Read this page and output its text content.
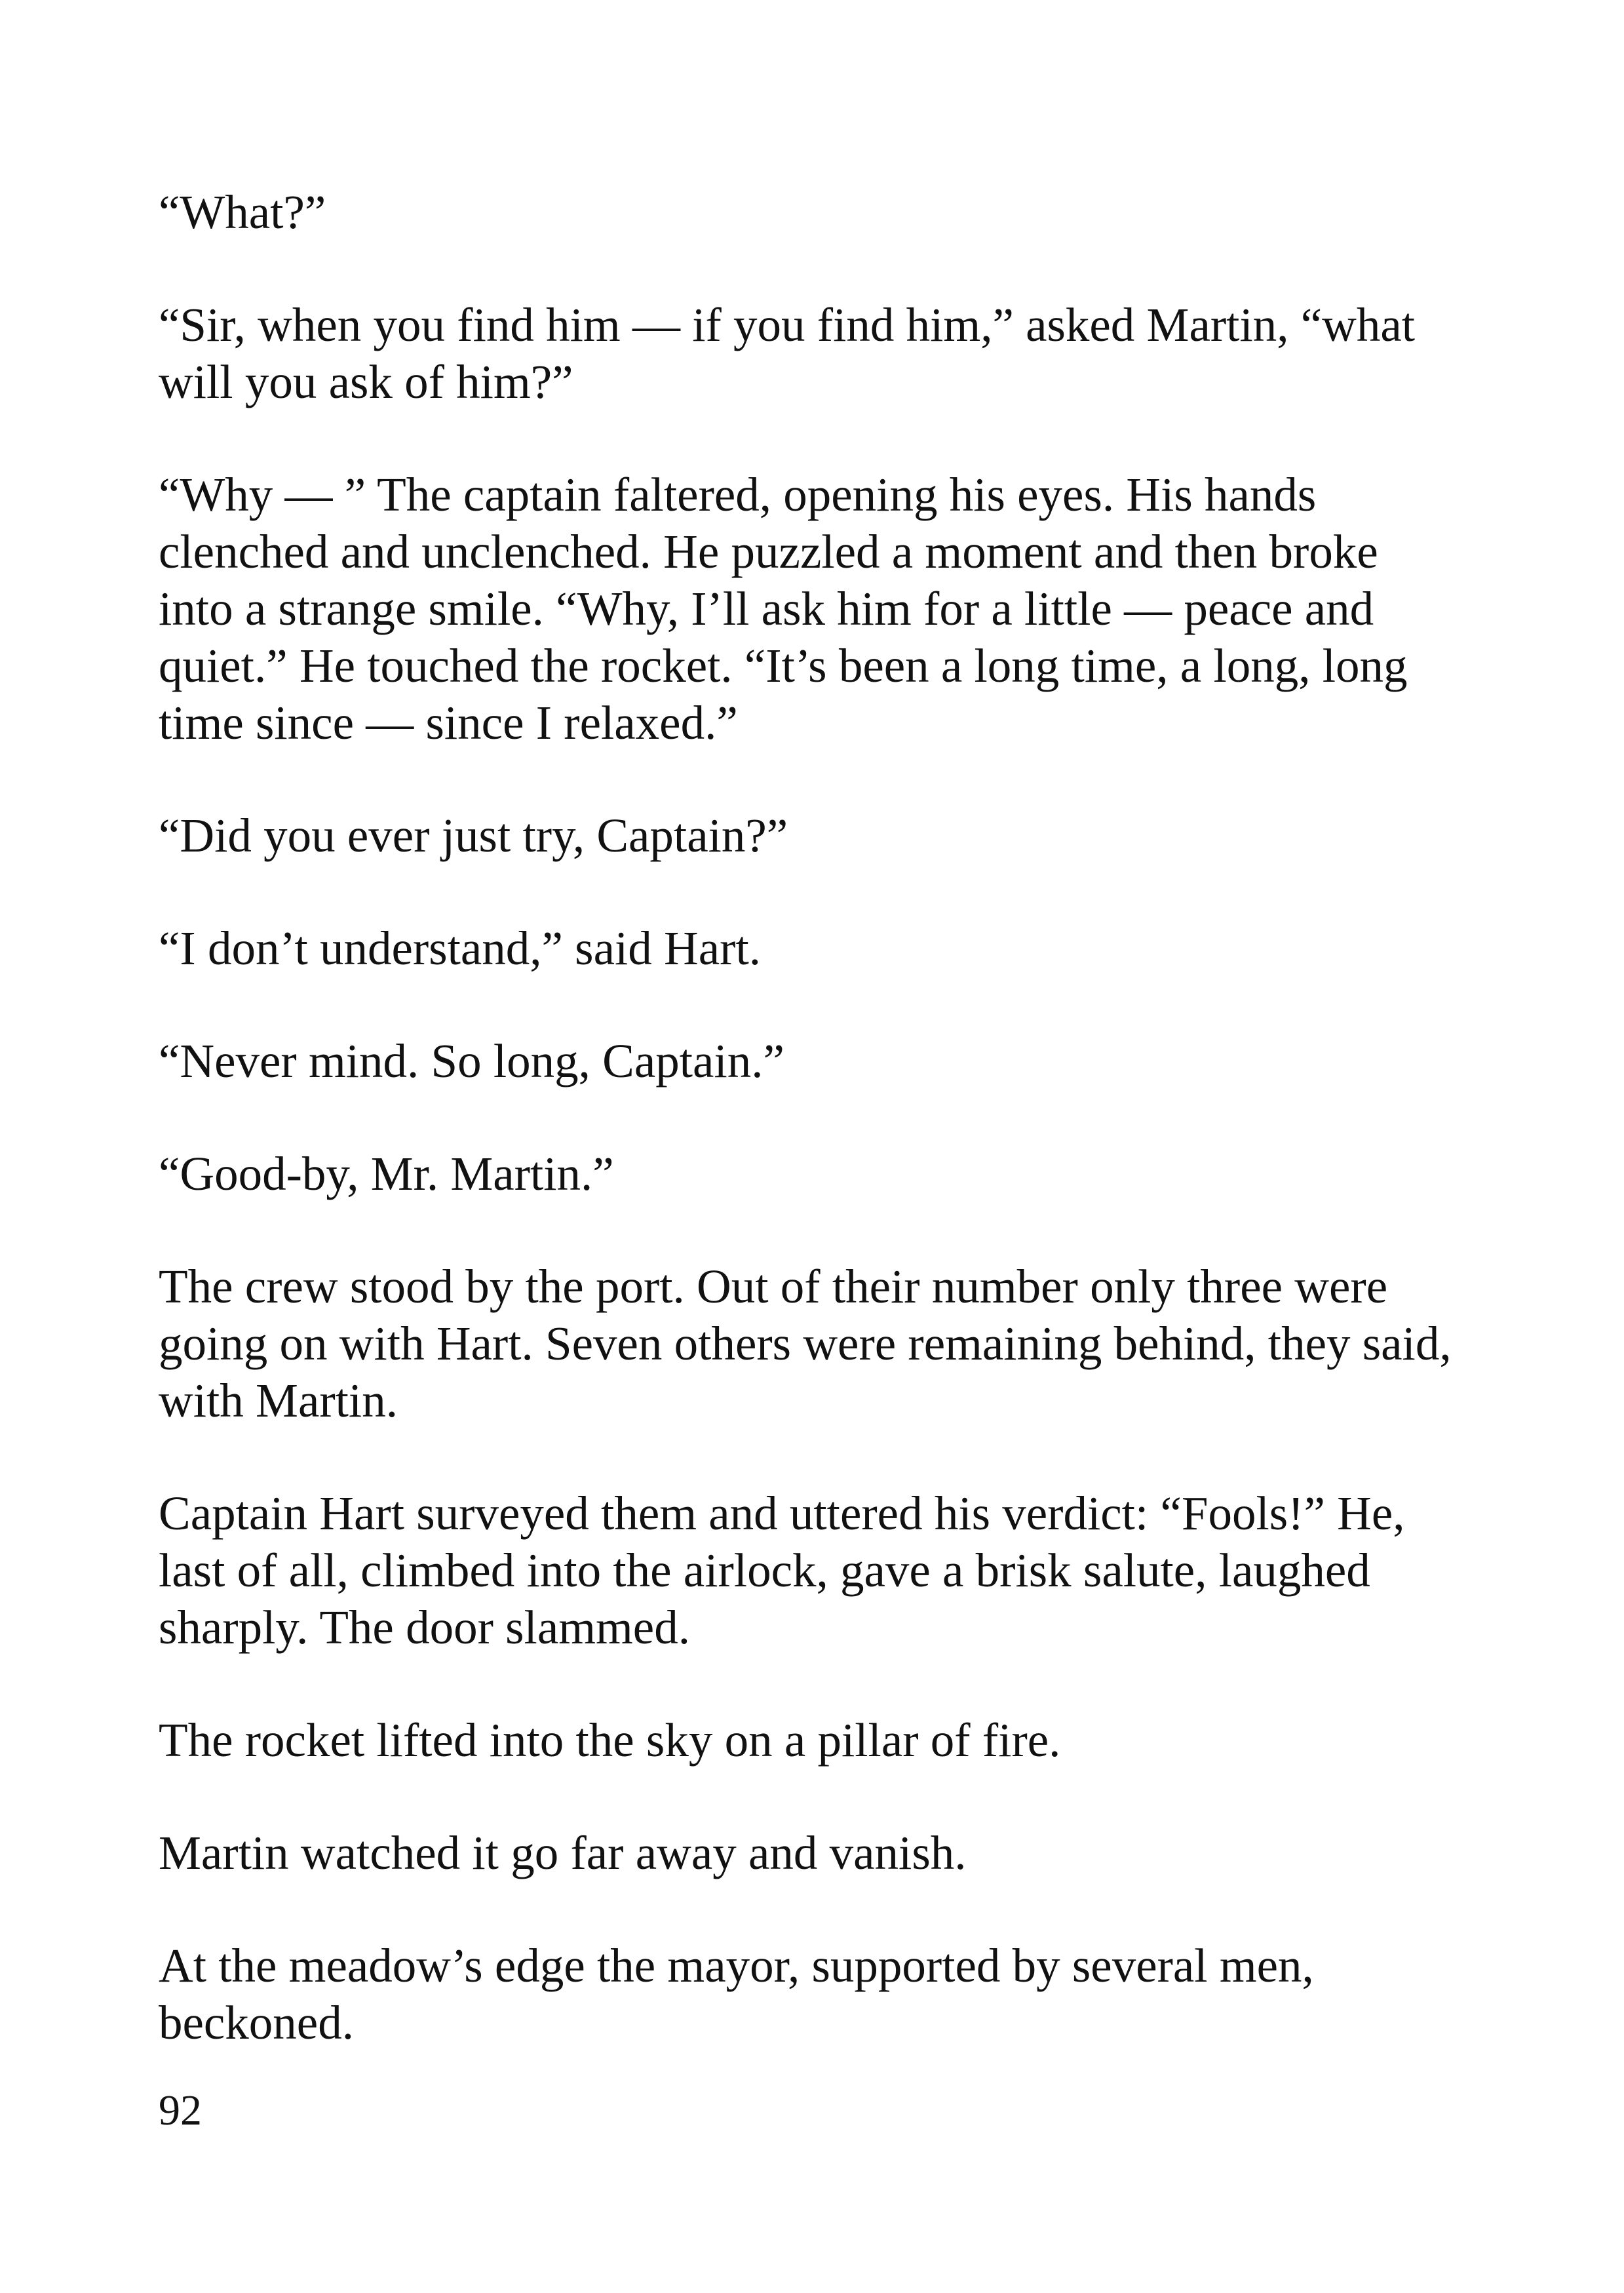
“What?”

“Sir, when you find him — if you find him,” asked Martin, “what
will you ask of him?”

“Why — ” The captain faltered, opening his eyes. His hands
clenched and unclenched. He puzzled a moment and then broke
into a strange smile. “Why, I’ll ask him for a little — peace and
quiet.” He touched the rocket. “It’s been a long time, a long, long
time since — since I relaxed.”

“Did you ever just try, Captain?”

“I don’t understand,” said Hart.

“Never mind. So long, Captain.”

“Good-by, Mr. Martin.”

The crew stood by the port. Out of their number only three were
going on with Hart. Seven others were remaining behind, they said,
with Martin.

Captain Hart surveyed them and uttered his verdict: “Fools!” He,
last of all, climbed into the airlock, gave a brisk salute, laughed
sharply. The door slammed.

The rocket lifted into the sky on a pillar of fire.

Martin watched it go far away and vanish.

At the meadow’s edge the mayor, supported by several men,
beckoned.

92
